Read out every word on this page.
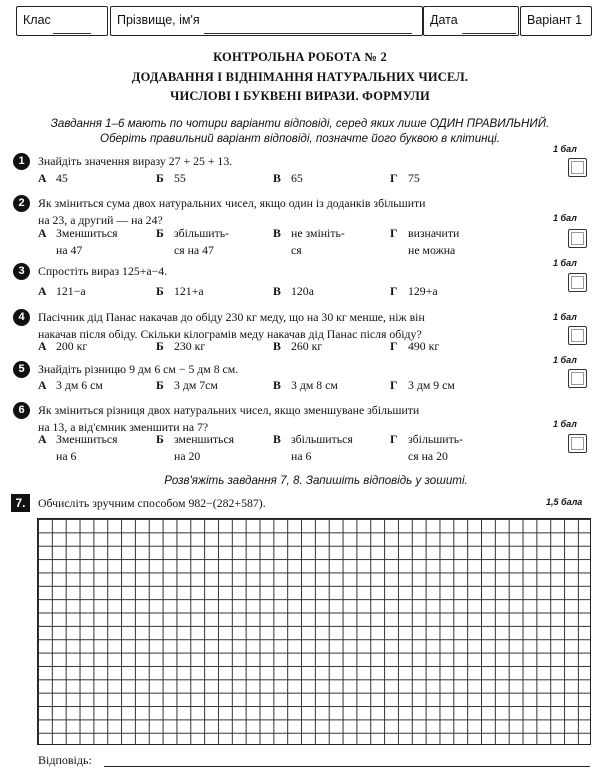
Клас	Прізвище, ім'я	Дата	Варіант 1
КОНТРОЛЬНА РОБОТА № 2
ДОДАВАННЯ І ВІДНІМАННЯ НАТУРАЛЬНИХ ЧИСЕЛ.
ЧИСЛОВІ І БУКВЕНІ ВИРАЗИ. ФОРМУЛИ
Завдання 1–6 мають по чотири варіанти відповіді, серед яких лише ОДИН ПРАВИЛЬНИЙ.
Оберіть правильний варіант відповіді, позначте його буквою в клітинці.
1	Знайдіть значення виразу 27 + 25 + 13.
А 45	Б 55	В 65	Г 75
1 бал
2	Як зміниться сума двох натуральних чисел, якщо один із доданків збільшити
на 23, а другий — на 24?
А Зменшиться
на 47
Б збільшить-
ся на 47
В не змініть-
ся
Г визначити
не можна
1 бал
3	Спростіть вираз 125+a−4.
А 121−a	Б 121+a	В 120a	Г 129+a
1 бал
4	Пасічник дід Панас накачав до обіду 230 кг меду, що на 30 кг менше, ніж він
накачав після обіду. Скільки кілограмів меду накачав дід Панас після обіду?
А 200 кг	Б 230 кг	В 260 кг	Г 490 кг
1 бал
5	Знайдіть різницю 9 дм 6 см − 5 дм 8 см.
А 3 дм 6 см	Б 3 дм 7см	В 3 дм 8 см	Г 3 дм 9 см
1 бал
6	Як зміниться різниця двох натуральних чисел, якщо зменшуване збільшити
на 13, а від'ємник зменшити на 7?
А Зменшиться
на 6
Б зменшиться
на 20
В збільшиться
на 6
Г збільшить-
ся на 20
1 бал
Розв'яжіть завдання 7, 8. Запишіть відповідь у зошиті.
7.	Обчисліть зручним способом 982−(282+587).	1,5 бала
Відповідь:
